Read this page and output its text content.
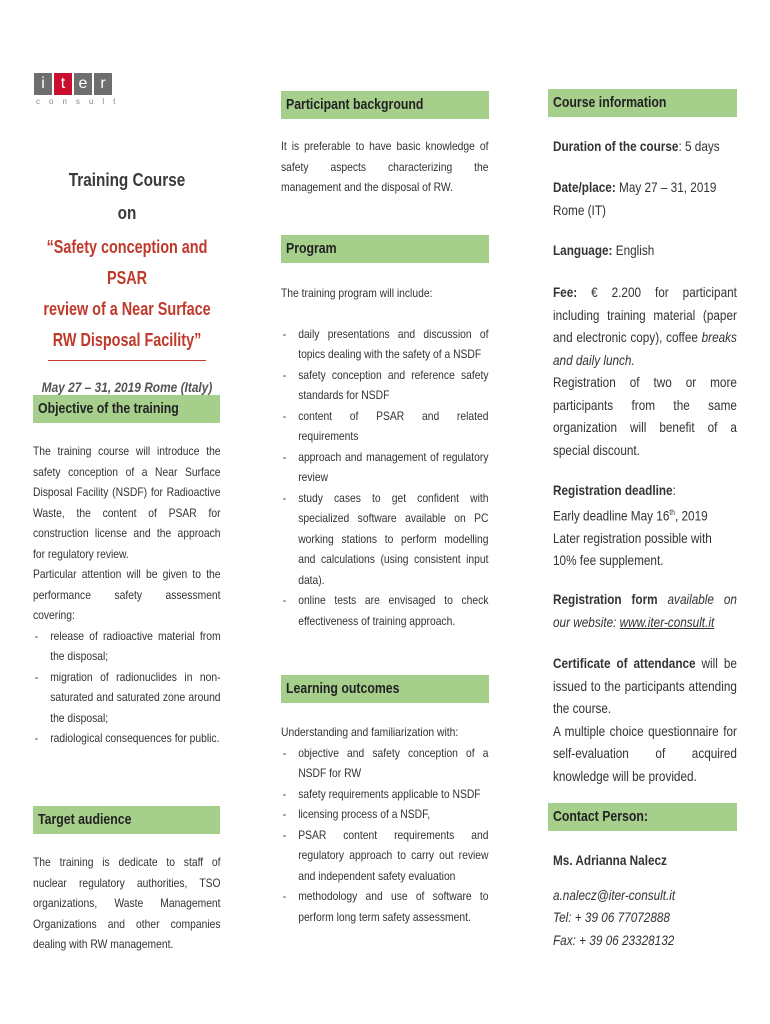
i t e r
consult
Training Course
on
“Safety conception and PSAR
review of a Near Surface
RW Disposal Facility”
May 27 – 31, 2019 Rome (Italy)
Objective of the training
The training course will introduce the safety conception of a Near Surface Disposal Facility (NSDF) for Radioactive Waste, the content of PSAR for construction license and the approach for regulatory review.
Particular attention will be given to the performance safety assessment covering:
- release of radioactive material from the disposal;
- migration of radionuclides in non-saturated and saturated zone around the disposal;
- radiological consequences for public.
Target audience
The training is dedicate to staff of nuclear regulatory authorities, TSO organizations, Waste Management Organizations and other companies dealing with RW management.
Participant background
It is preferable to have basic knowledge of safety aspects characterizing the management and the disposal of RW.
Program
The training program will include:
- daily presentations and discussion of topics dealing with the safety of a NSDF
- safety conception and reference safety standards for NSDF
- content of PSAR and related requirements
- approach and management of regulatory review
- study cases to get confident with specialized software available on PC working stations to perform modelling and calculations (using consistent input data).
- online tests are envisaged to check effectiveness of training approach.
Learning outcomes
Understanding and familiarization with:
- objective and safety conception of a NSDF for RW
- safety requirements applicable to NSDF
- licensing process of a NSDF,
- PSAR content requirements and regulatory approach to carry out review and independent safety evaluation
- methodology and use of software to perform long term safety assessment.
Course information
Duration of the course: 5 days
Date/place: May 27 – 31, 2019 Rome (IT)
Language: English
Fee: € 2.200 for participant including training material (paper and electronic copy), coffee breaks and daily lunch.
Registration of two or more participants from the same organization will benefit of a special discount.
Registration deadline:
Early deadline May 16th, 2019
Later registration possible with 10% fee supplement.
Registration form available on our website: www.iter-consult.it
Certificate of attendance will be issued to the participants attending the course.
A multiple choice questionnaire for self-evaluation of acquired knowledge will be provided.
Contact Person:
Ms. Adrianna Nalecz
a.nalecz@iter-consult.it
Tel: + 39 06 77072888
Fax: + 39 06 23328132
